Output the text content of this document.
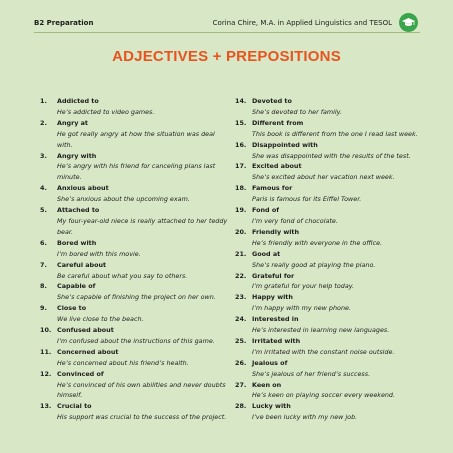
B2 Preparation	Corina Chire, M.A. in Applied Linguistics and TESOL
ADJECTIVES + PREPOSITIONS
1. Addicted to
He’s addicted to video games.
2. Angry at
He got really angry at how the situation was deal with.
3. Angry with
He’s angry with his friend for canceling plans last minute.
4. Anxious about
She’s anxious about the upcoming exam.
5. Attached to
My four-year-old niece is really attached to her teddy bear.
6. Bored with
I’m bored with this movie.
7. Careful about
Be careful about what you say to others.
8. Capable of
She’s capable of finishing the project on her own.
9. Close to
We live close to the beach.
10. Confused about
I’m confused about the instructions of this game.
11. Concerned about
He’s concerned about his friend’s health.
12. Convinced of
He’s convinced of his own abilities and never doubts himself.
13. Crucial to
His support was crucial to the success of the project.
14. Devoted to
She’s devoted to her family.
15. Different from
This book is different from the one I read last week.
16. Disappointed with
She was disappointed with the results of the test.
17. Excited about
She’s excited about her vacation next week.
18. Famous for
Paris is famous for its Eiffel Tower.
19. Fond of
I’m very fond of chocolate.
20. Friendly with
He’s friendly with everyone in the office.
21. Good at
She’s really good at playing the piano.
22. Grateful for
I’m grateful for your help today.
23. Happy with
I’m happy with my new phone.
24. Interested in
He’s interested in learning new languages.
25. Irritated with
I’m irritated with the constant noise outside.
26. Jealous of
She’s jealous of her friend’s success.
27. Keen on
He’s keen on playing soccer every weekend.
28. Lucky with
I’ve been lucky with my new job.
